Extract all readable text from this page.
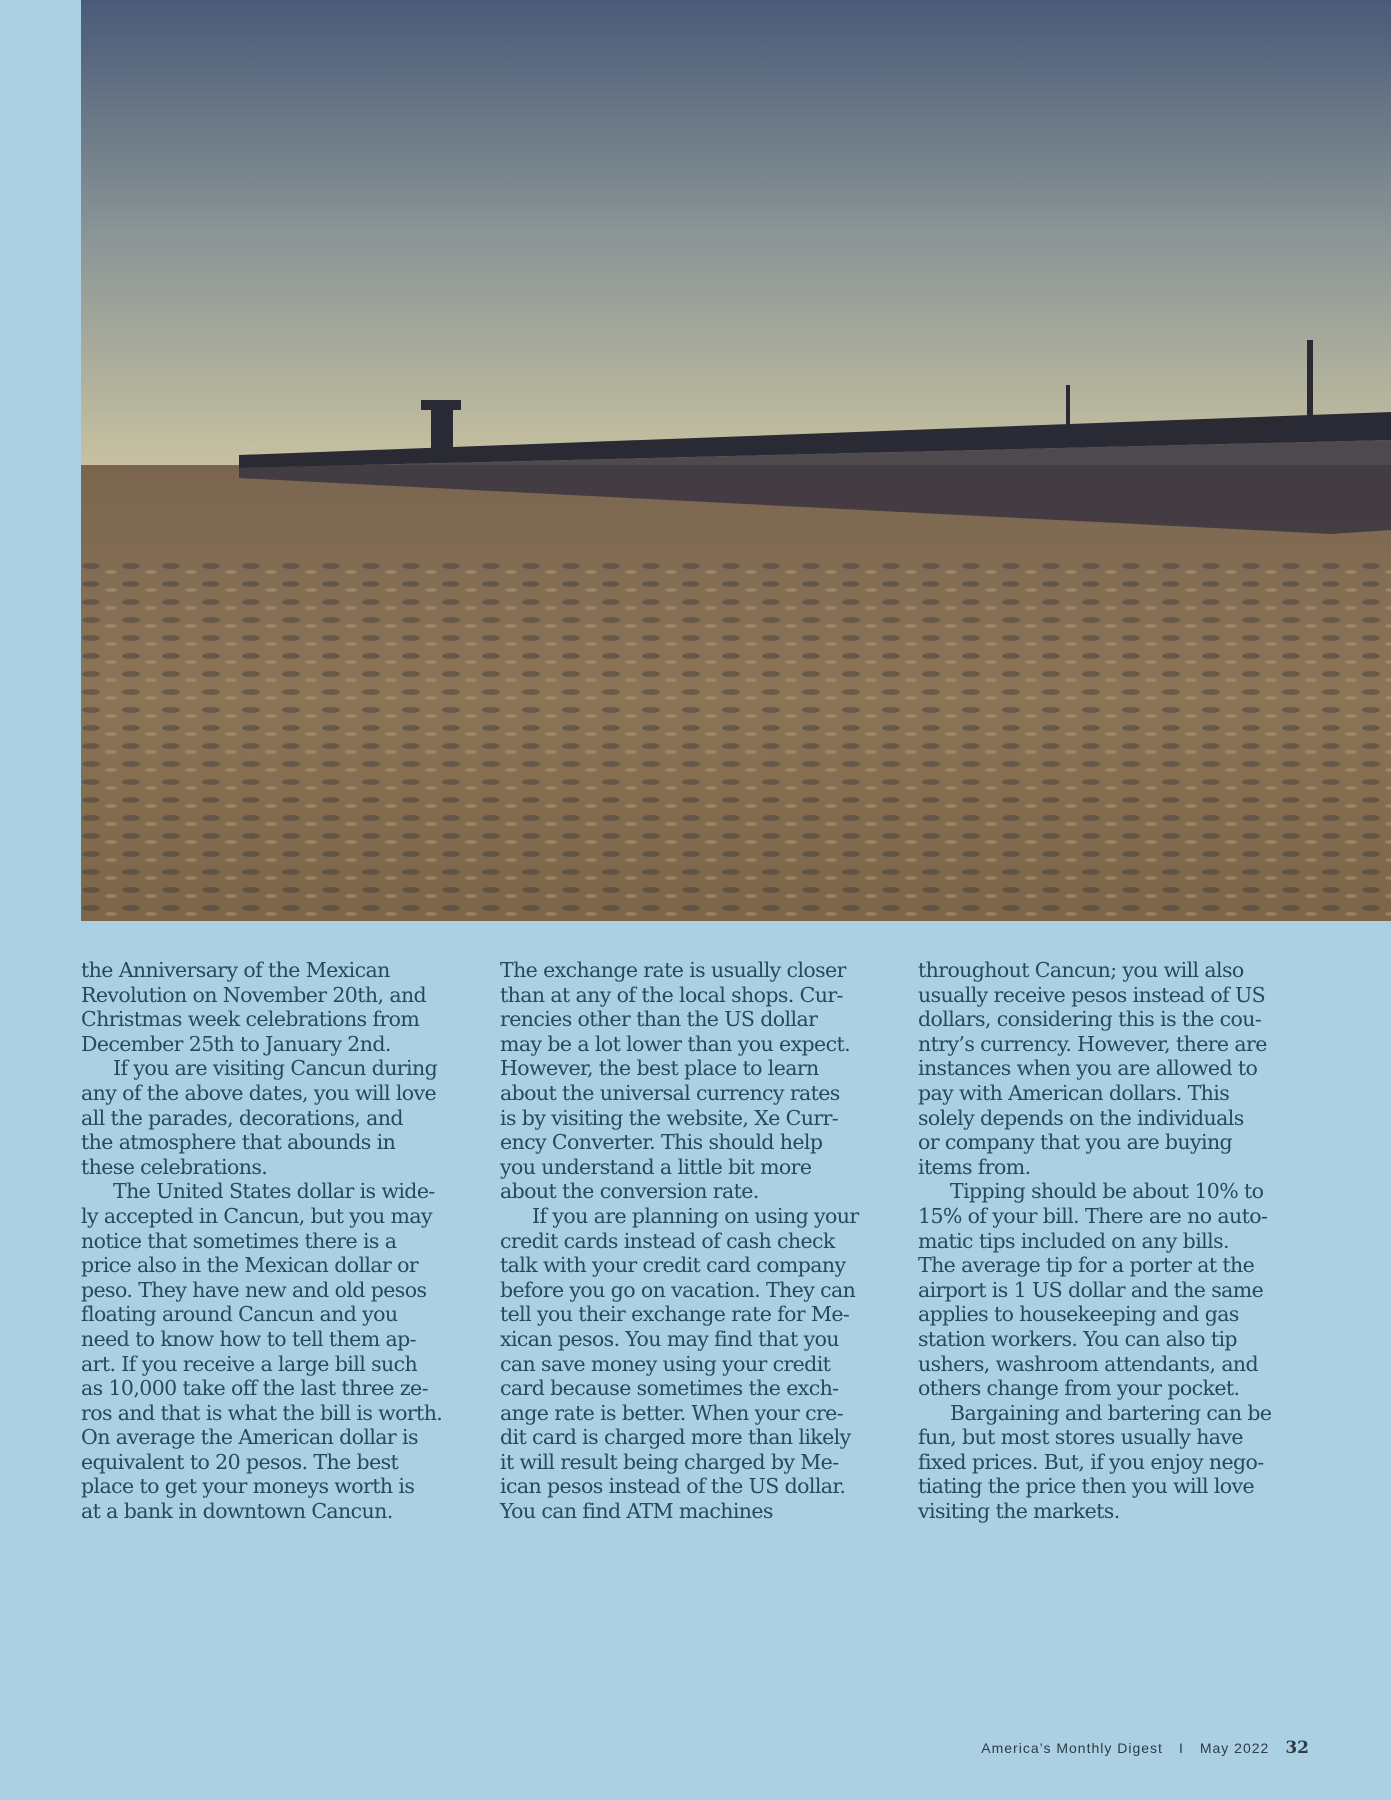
the Anniversary of the Mexican
Revolution on November 20th, and
Christmas week celebrations from
December 25th to January 2nd.
If you are visiting Cancun during
any of the above dates, you will love
all the parades, decorations, and
the atmosphere that abounds in
these celebrations.
The United States dollar is wide-
ly accepted in Cancun, but you may
notice that sometimes there is a
price also in the Mexican dollar or
peso. They have new and old pesos
floating around Cancun and you
need to know how to tell them ap-
art. If you receive a large bill such
as 10,000 take off the last three ze-
ros and that is what the bill is worth.
On average the American dollar is
equivalent to 20 pesos. The best
place to get your moneys worth is
at a bank in downtown Cancun.
The exchange rate is usually closer
than at any of the local shops. Cur-
rencies other than the US dollar
may be a lot lower than you expect.
However, the best place to learn
about the universal currency rates
is by visiting the website, Xe Curr-
ency Converter. This should help
you understand a little bit more
about the conversion rate.
If you are planning on using your
credit cards instead of cash check
talk with your credit card company
before you go on vacation. They can
tell you their exchange rate for Me-
xican pesos. You may find that you
can save money using your credit
card because sometimes the exch-
ange rate is better. When your cre-
dit card is charged more than likely
it will result being charged by Me-
ican pesos instead of the US dollar.
You can find ATM machines
throughout Cancun; you will also
usually receive pesos instead of US
dollars, considering this is the cou-
ntry’s currency. However, there are
instances when you are allowed to
pay with American dollars. This
solely depends on the individuals
or company that you are buying
items from.
Tipping should be about 10% to
15% of your bill. There are no auto-
matic tips included on any bills.
The average tip for a porter at the
airport is 1 US dollar and the same
applies to housekeeping and gas
station workers. You can also tip
ushers, washroom attendants, and
others change from your pocket.
Bargaining and bartering can be
fun, but most stores usually have
fixed prices. But, if you enjoy nego-
tiating the price then you will love
visiting the markets.
America’s Monthly Digest I May 2022 32
